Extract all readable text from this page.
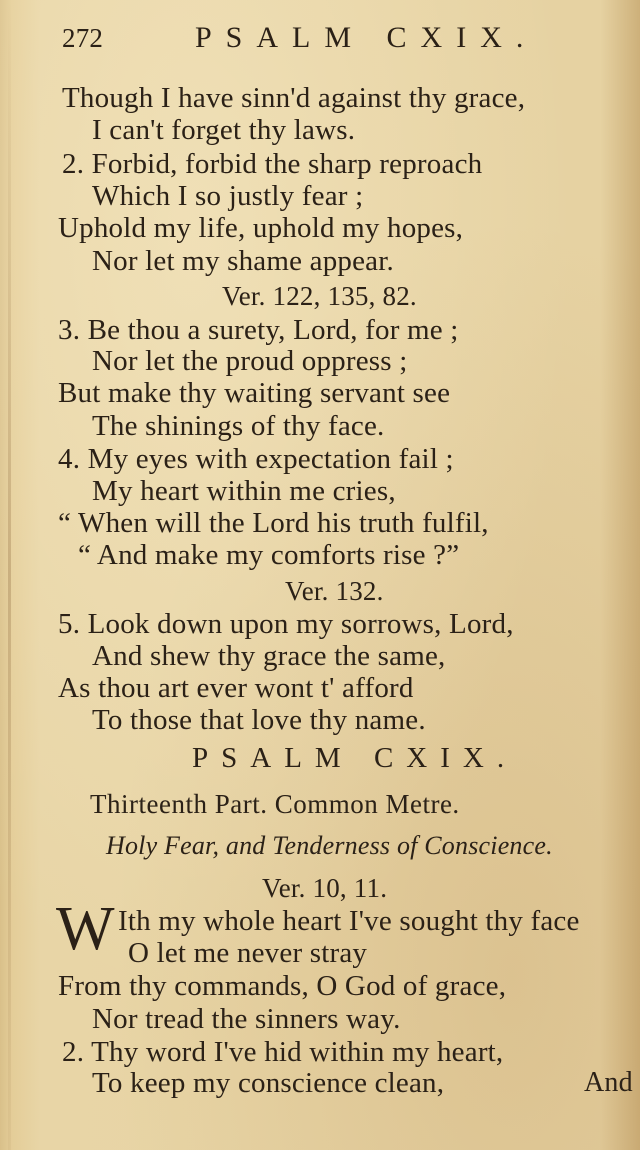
272	PSALM CXIX.
Though I have sinn'd against thy grace,
I can't forget thy laws.
2. Forbid, forbid the sharp reproach
Which I so justly fear ;
Uphold my life, uphold my hopes,
Nor let my shame appear.
Ver. 122, 135, 82.
3. Be thou a surety, Lord, for me ;
Nor let the proud oppress ;
But make thy waiting servant see
The shinings of thy face.
4. My eyes with expectation fail ;
My heart within me cries,
“ When will the Lord his truth fulfil,
“ And make my comforts rise ?”
Ver. 132.
5. Look down upon my sorrows, Lord,
And shew thy grace the same,
As thou art ever wont t' afford
To those that love thy name.
PSALM CXIX.
Thirteenth Part. Common Metre.
Holy Fear, and Tenderness of Conscience.
Ver. 10, 11.
W Ith my whole heart I've sought thy face
O let me never stray
From thy commands, O God of grace,
Nor tread the sinners way.
2. Thy word I've hid within my heart,
To keep my conscience clean,	And
